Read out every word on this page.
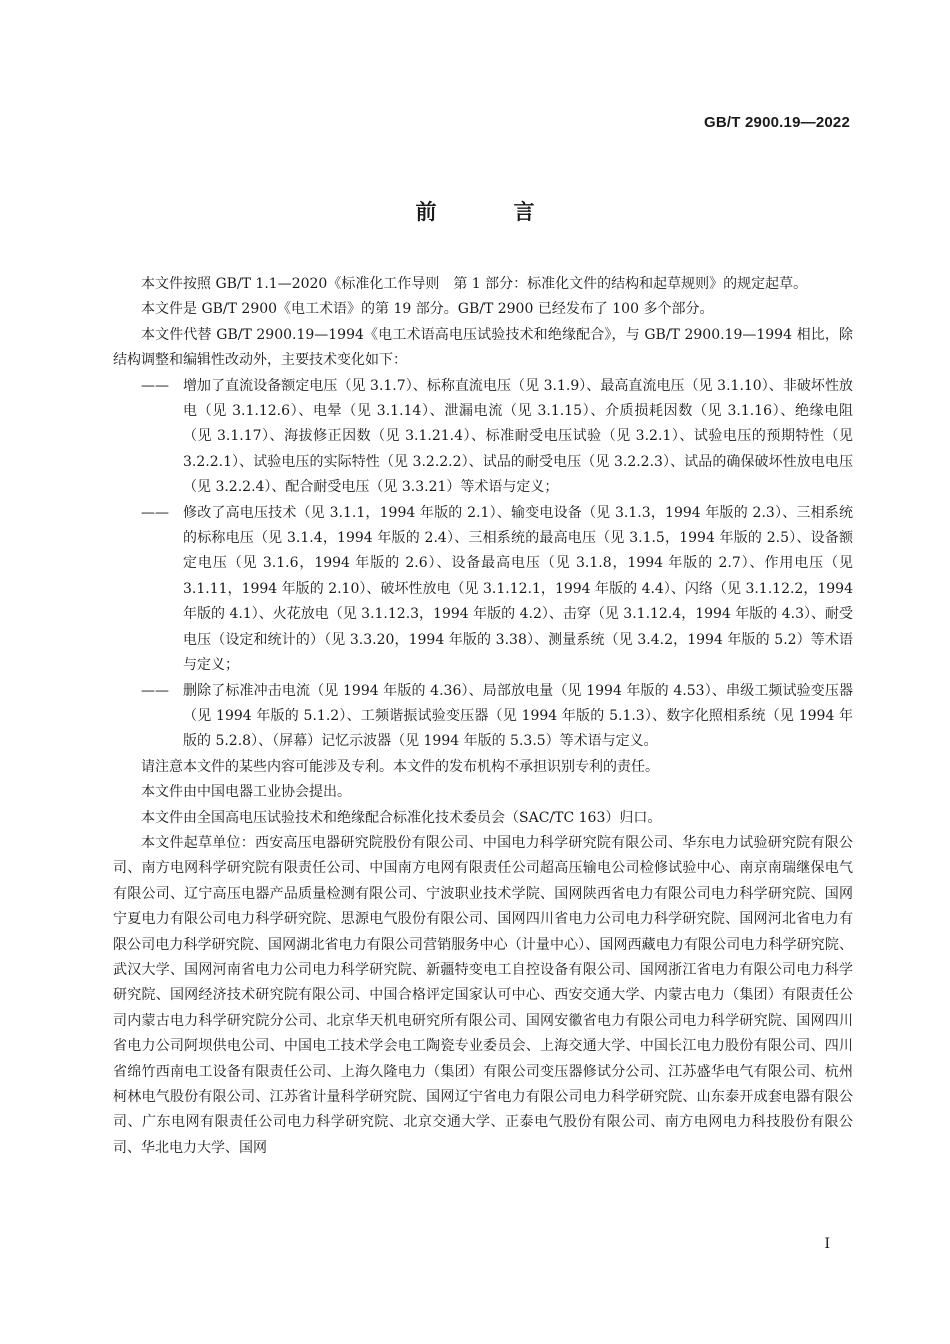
GB/T 2900.19—2022
前　言

本文件按照 GB/T 1.1—2020《标准化工作导则　第 1 部分：标准化文件的结构和起草规则》的规定起草。

本文件是 GB/T 2900《电工术语》的第 19 部分。GB/T 2900 已经发布了 100 多个部分。

本文件代替 GB/T 2900.19—1994《电工术语高电压试验技术和绝缘配合》，与 GB/T 2900.19—1994 相比，除结构调整和编辑性改动外，主要技术变化如下：

——	增加了直流设备额定电压（见 3.1.7）、标称直流电压（见 3.1.9）、最高直流电压（见 3.1.10）、非破坏性放电（见 3.1.12.6）、电晕（见 3.1.14）、泄漏电流（见 3.1.15）、介质损耗因数（见 3.1.16）、绝缘电阻（见 3.1.17）、海拔修正因数（见 3.1.21.4）、标准耐受电压试验（见 3.2.1）、试验电压的预期特性（见 3.2.2.1）、试验电压的实际特性（见 3.2.2.2）、试品的耐受电压（见 3.2.2.3）、试品的确保破坏性放电电压（见 3.2.2.4）、配合耐受电压（见 3.3.21）等术语与定义；
——	修改了高电压技术（见 3.1.1，1994 年版的 2.1）、输变电设备（见 3.1.3，1994 年版的 2.3）、三相系统的标称电压（见 3.1.4，1994 年版的 2.4）、三相系统的最高电压（见 3.1.5，1994 年版的 2.5）、设备额定电压（见 3.1.6，1994 年版的 2.6）、设备最高电压（见 3.1.8，1994 年版的 2.7）、作用电压（见 3.1.11，1994 年版的 2.10）、破坏性放电（见 3.1.12.1，1994 年版的 4.4）、闪络（见 3.1.12.2，1994 年版的 4.1）、火花放电（见 3.1.12.3，1994 年版的 4.2）、击穿（见 3.1.12.4，1994 年版的 4.3）、耐受电压（设定和统计的）（见 3.3.20，1994 年版的 3.38）、测量系统（见 3.4.2，1994 年版的 5.2）等术语与定义；
——	删除了标准冲击电流（见 1994 年版的 4.36）、局部放电量（见 1994 年版的 4.53）、串级工频试验变压器（见 1994 年版的 5.1.2）、工频谐振试验变压器（见 1994 年版的 5.1.3）、数字化照相系统（见 1994 年版的 5.2.8）、（屏幕）记忆示波器（见 1994 年版的 5.3.5）等术语与定义。

请注意本文件的某些内容可能涉及专利。本文件的发布机构不承担识别专利的责任。

本文件由中国电器工业协会提出。

本文件由全国高电压试验技术和绝缘配合标准化技术委员会（SAC/TC 163）归口。

本文件起草单位：西安高压电器研究院股份有限公司、中国电力科学研究院有限公司、华东电力试验研究院有限公司、南方电网科学研究院有限责任公司、中国南方电网有限责任公司超高压输电公司检修试验中心、南京南瑞继保电气有限公司、辽宁高压电器产品质量检测有限公司、宁波职业技术学院、国网陕西省电力有限公司电力科学研究院、国网宁夏电力有限公司电力科学研究院、思源电气股份有限公司、国网四川省电力公司电力科学研究院、国网河北省电力有限公司电力科学研究院、国网湖北省电力有限公司营销服务中心（计量中心）、国网西藏电力有限公司电力科学研究院、武汉大学、国网河南省电力公司电力科学研究院、新疆特变电工自控设备有限公司、国网浙江省电力有限公司电力科学研究院、国网经济技术研究院有限公司、中国合格评定国家认可中心、西安交通大学、内蒙古电力（集团）有限责任公司内蒙古电力科学研究院分公司、北京华天机电研究所有限公司、国网安徽省电力有限公司电力科学研究院、国网四川省电力公司阿坝供电公司、中国电工技术学会电工陶瓷专业委员会、上海交通大学、中国长江电力股份有限公司、四川省绵竹西南电工设备有限责任公司、上海久隆电力（集团）有限公司变压器修试分公司、江苏盛华电气有限公司、杭州柯林电气股份有限公司、江苏省计量科学研究院、国网辽宁省电力有限公司电力科学研究院、山东泰开成套电器有限公司、广东电网有限责任公司电力科学研究院、北京交通大学、正泰电气股份有限公司、南方电网电力科技股份有限公司、华北电力大学、国网

I
